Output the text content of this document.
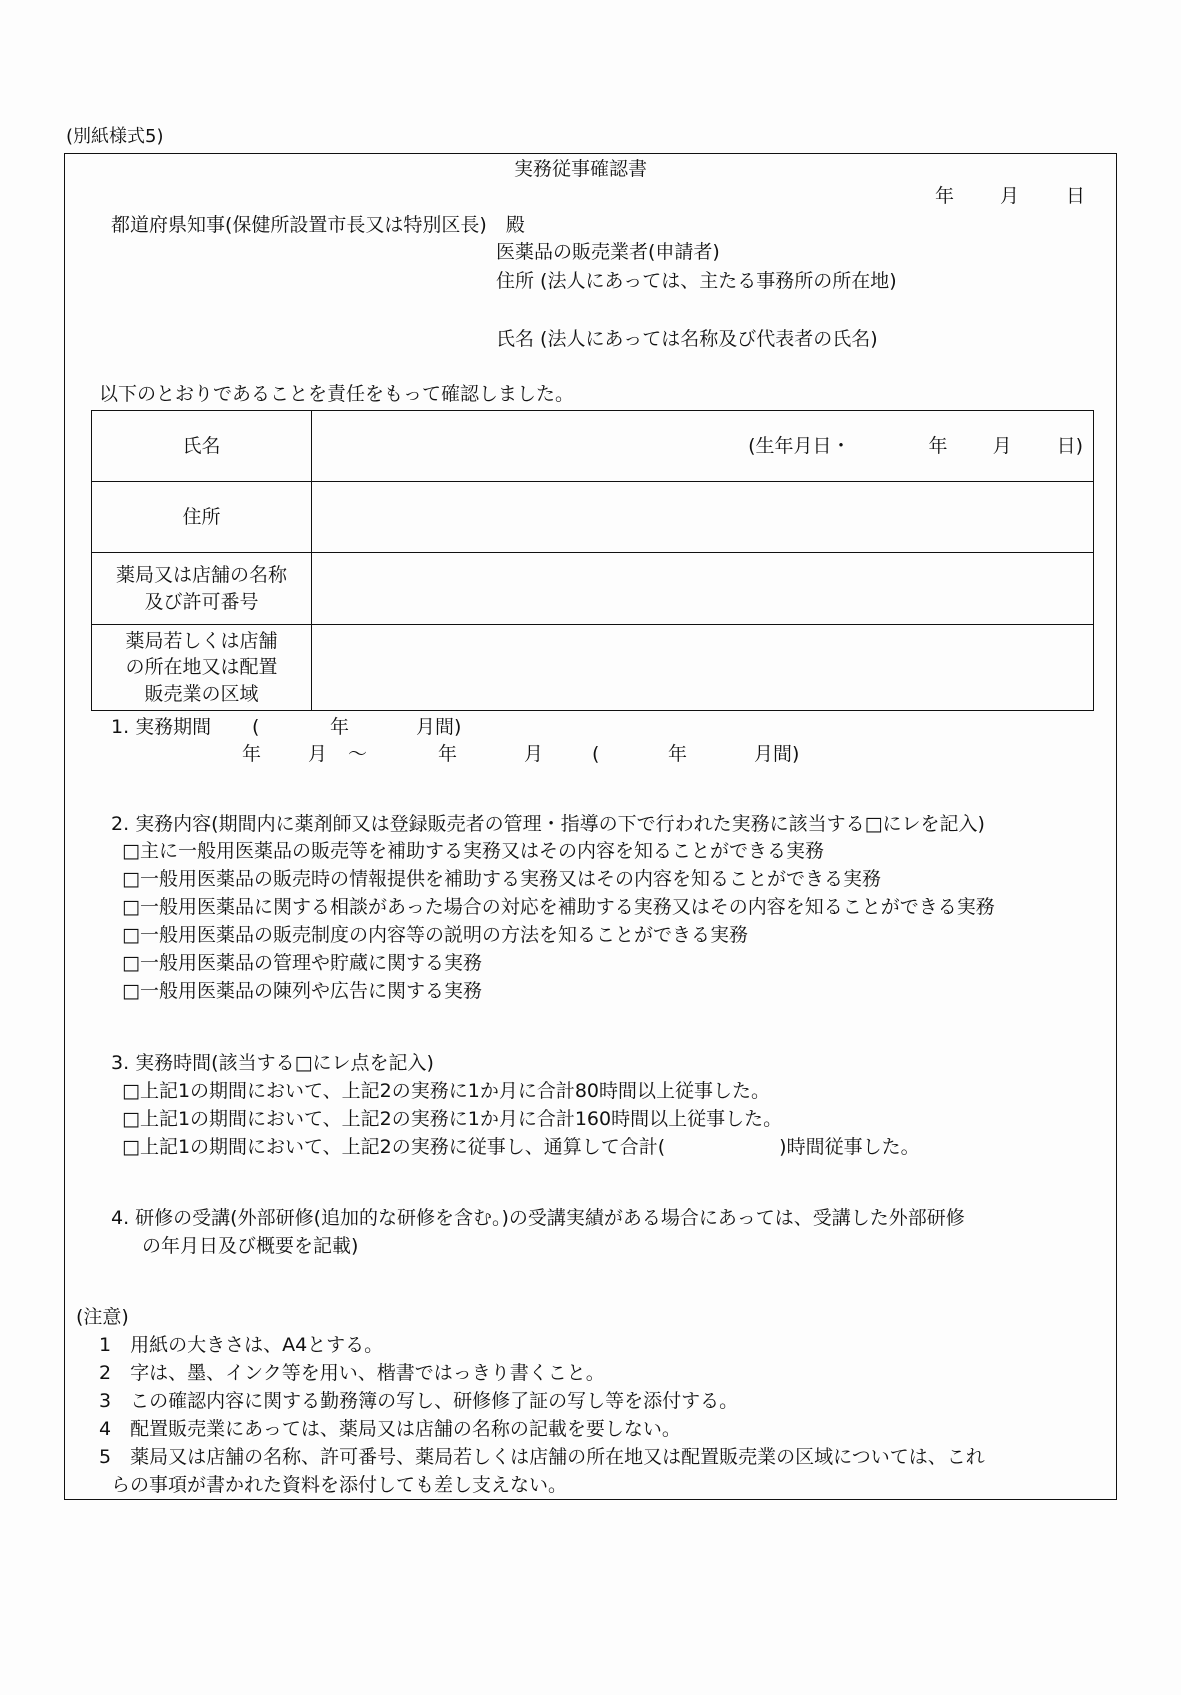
(別紙様式5)
実務従事確認書
年 月 日
都道府県知事(保健所設置市長又は特別区長)　殿
医薬品の販売業者(申請者)
住所 (法人にあっては、主たる事務所の所在地)
氏名 (法人にあっては名称及び代表者の氏名)
以下のとおりであることを責任をもって確認しました。
氏名	(生年月日・ 年 月 日)
住所	

薬局又は店舗の名称
及び許可番号	

薬局若しくは店舗
の所在地又は配置
販売業の区域	

1. 実務期間 (	年	月間)
年 月 ～	年	月	(	年	月間)
2. 実務内容(期間内に薬剤師又は登録販売者の管理・指導の下で行われた実務に該当する□にレを記入)
□主に一般用医薬品の販売等を補助する実務又はその内容を知ることができる実務
□一般用医薬品の販売時の情報提供を補助する実務又はその内容を知ることができる実務
□一般用医薬品に関する相談があった場合の対応を補助する実務又はその内容を知ることができる実務
□一般用医薬品の販売制度の内容等の説明の方法を知ることができる実務
□一般用医薬品の管理や貯蔵に関する実務
□一般用医薬品の陳列や広告に関する実務
3. 実務時間(該当する□にレ点を記入)
□上記1の期間において、上記2の実務に1か月に合計80時間以上従事した。
□上記1の期間において、上記2の実務に1か月に合計160時間以上従事した。
□上記1の期間において、上記2の実務に従事し、通算して合計(　　　　　　)時間従事した。
4. 研修の受講(外部研修(追加的な研修を含む。)の受講実績がある場合にあっては、受講した外部研修
の年月日及び概要を記載)
(注意)
1　用紙の大きさは、A4とする。
2　字は、墨、インク等を用い、楷書ではっきり書くこと。
3　この確認内容に関する勤務簿の写し、研修修了証の写し等を添付する。
4　配置販売業にあっては、薬局又は店舗の名称の記載を要しない。
5　薬局又は店舗の名称、許可番号、薬局若しくは店舗の所在地又は配置販売業の区域については、これ
らの事項が書かれた資料を添付しても差し支えない。
